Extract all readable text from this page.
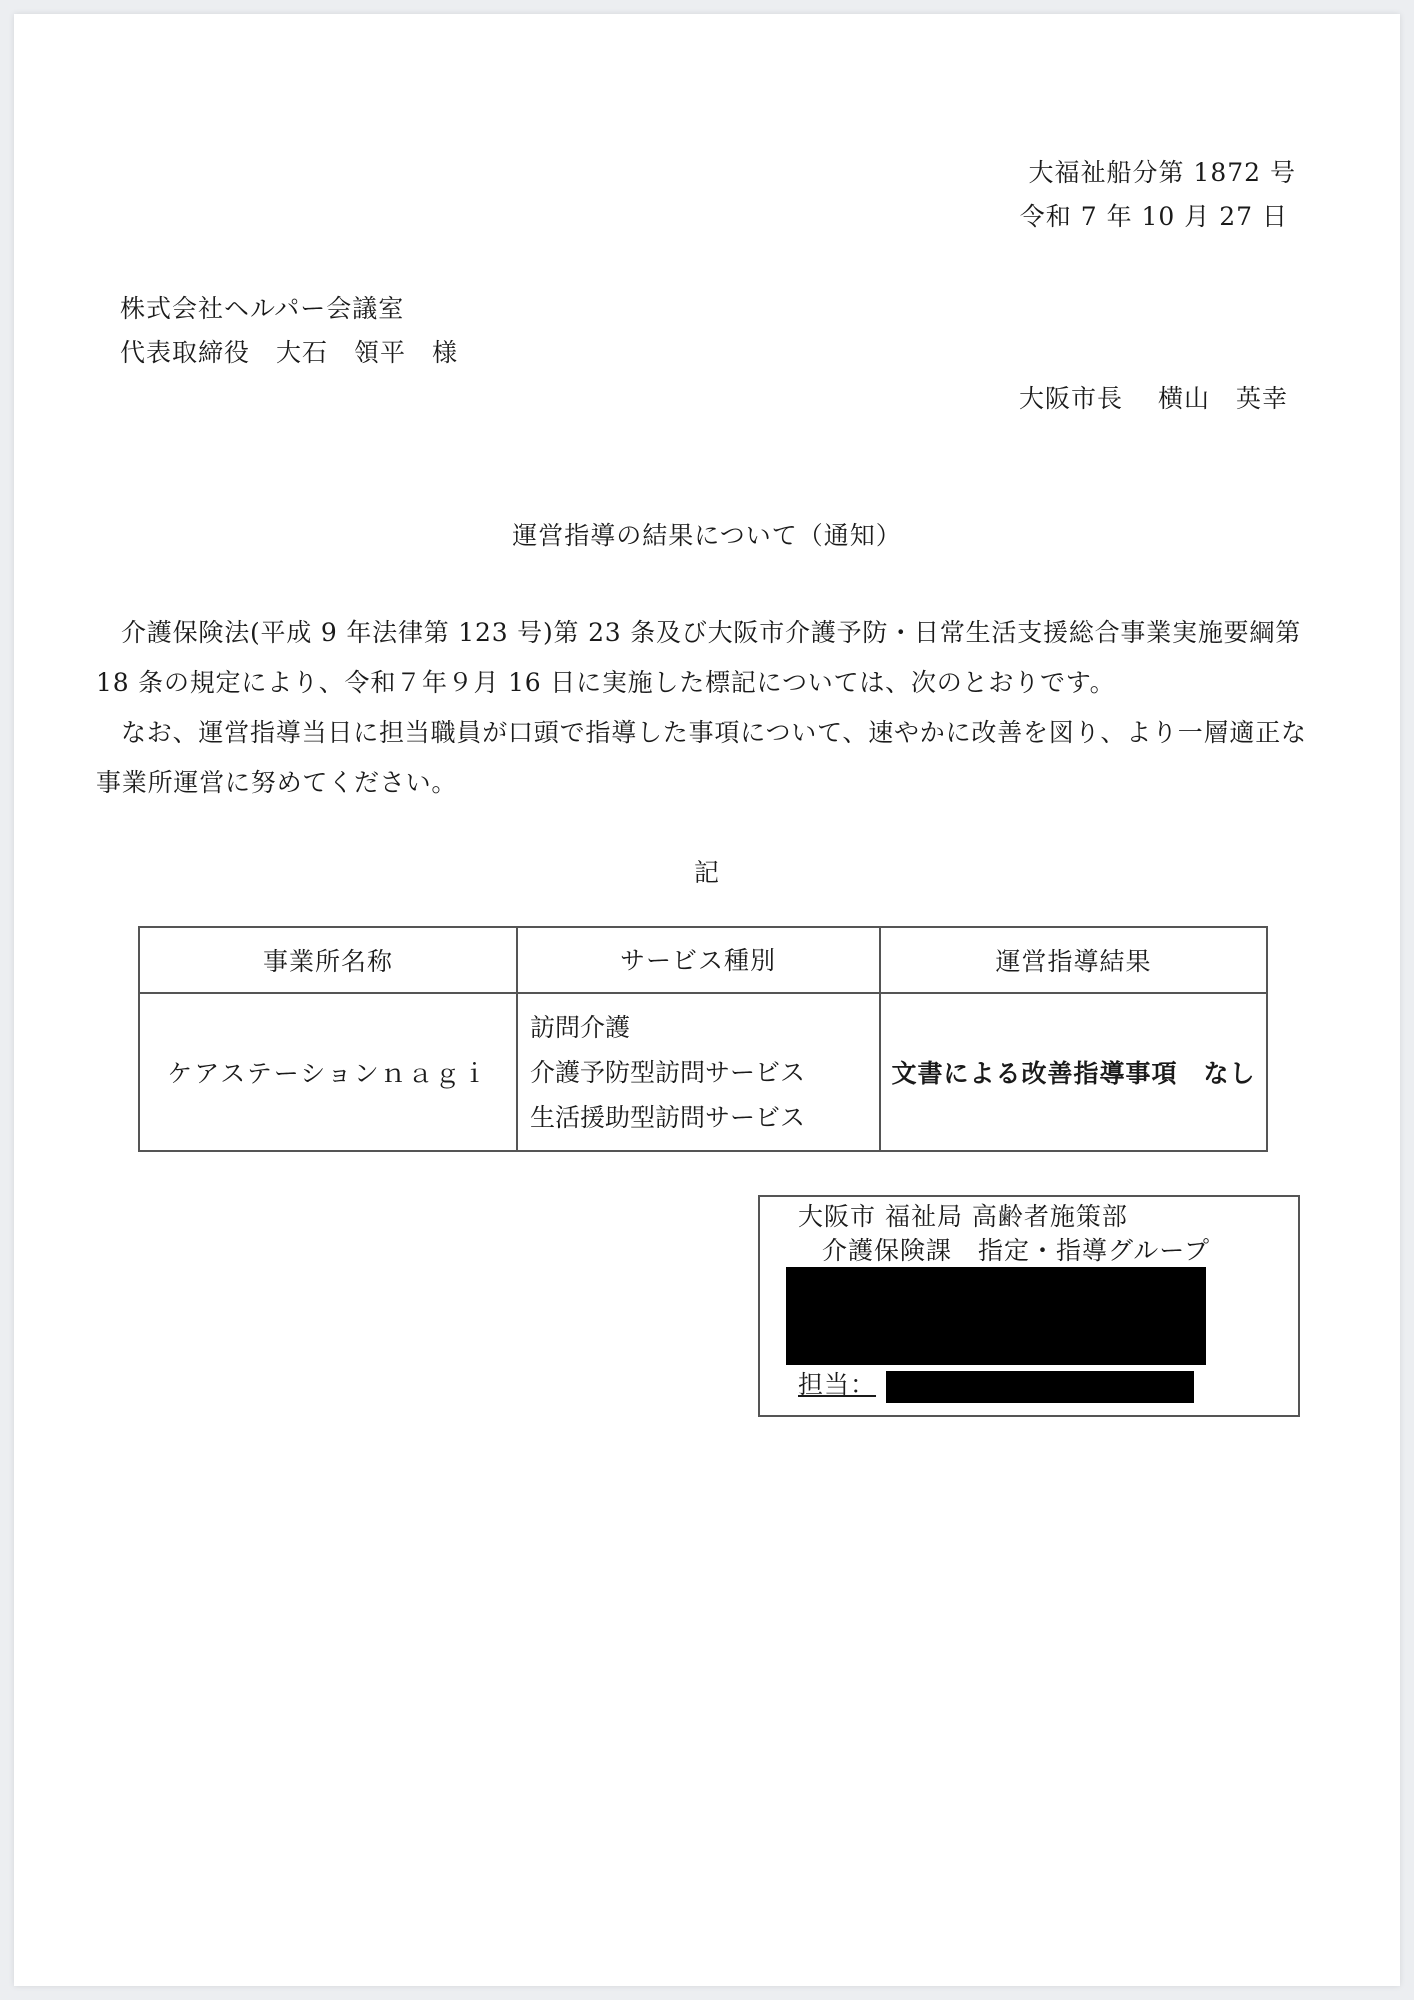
大福祉船分第 1872 号
令和 7 年 10 月 27 日
株式会社ヘルパー会議室
代表取締役　大石　領平　様
大阪市長　 横山　英幸
運営指導の結果について（通知）

介護保険法(平成 9 年法律第 123 号)第 23 条及び大阪市介護予防・日常生活支援総合事業実施要綱第 18 条の規定により、令和７年９月 16 日に実施した標記については、次のとおりです。

なお、運営指導当日に担当職員が口頭で指導した事項について、速やかに改善を図り、より一層適正な事業所運営に努めてください。

記
事業所名称	サービス種別	運営指導結果
ケアステーションｎａｇｉ	訪問介護
介護予防型訪問サービス
生活援助型訪問サービス	文書による改善指導事項　なし
大阪市 福祉局 高齢者施策部
介護保険課　指定・指導グループ
担当：
